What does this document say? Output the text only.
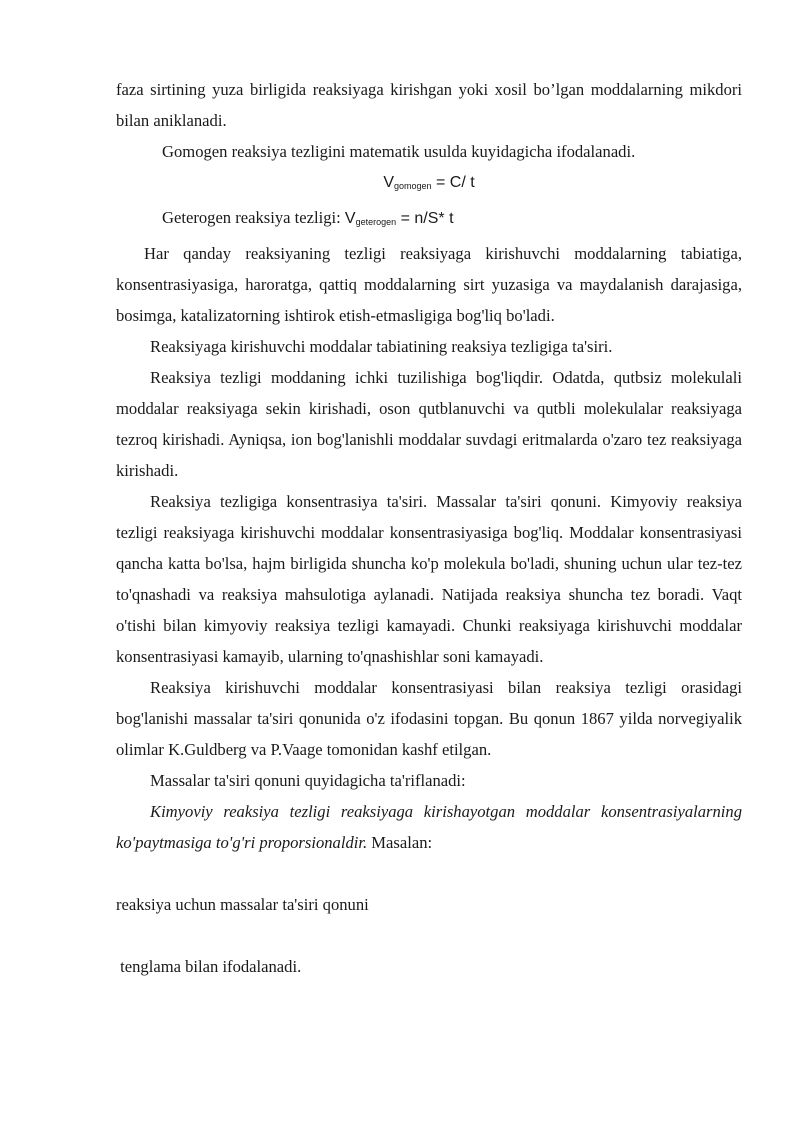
faza sirtining yuza birligida reaksiyaga kirishgan yoki xosil bo’lgan moddalarning mikdori bilan aniklanadi.

Gomogen reaksiya tezligini matematik usulda kuyidagicha ifodalanadi.

$V_{gomogen} = C/$ t

Geterogen reaksiya tezligi: $V_{geterogen} = n/S*$ t

Har qanday reaksiyaning tezligi reaksiyaga kirishuvchi moddalarning tabiatiga, konsentrasiyasiga, haroratga, qattiq moddalarning sirt yuzasiga va maydalanish darajasiga, bosimga, katalizatorning ishtirok etish-etmasligiga bog'liq bo'ladi.

Reaksiyaga kirishuvchi moddalar tabiatining reaksiya tezligiga ta'siri.

Reaksiya tezligi moddaning ichki tuzilishiga bog'liqdir. Odatda, qutbsiz molekulali moddalar reaksiyaga sekin kirishadi, oson qutblanuvchi va qutbli molekulalar reaksiyaga tezroq kirishadi. Ayniqsa, ion bog'lanishli moddalar suvdagi eritmalarda o'zaro tez reaksiyaga kirishadi.

Reaksiya tezligiga konsentrasiya ta'siri. Massalar ta'siri qonuni. Kimyoviy reaksiya tezligi reaksiyaga kirishuvchi moddalar konsentrasiyasiga bog'liq. Moddalar konsentrasiyasi qancha katta bo'lsa, hajm birligida shuncha ko'p molekula bo'ladi, shuning uchun ular tez-tez to'qnashadi va reaksiya mahsulotiga aylanadi. Natijada reaksiya shuncha tez boradi. Vaqt o'tishi bilan kimyoviy reaksiya tezligi kamayadi. Chunki reaksiyaga kirishuvchi moddalar konsentrasiyasi kamayib, ularning to'qnashishlar soni kamayadi.

Reaksiya kirishuvchi moddalar konsentrasiyasi bilan reaksiya tezligi orasidagi bog'lanishi massalar ta'siri qonunida o'z ifodasini topgan. Bu qonun 1867 yilda norvegiyalik olimlar K.Guldberg va P.Vaage tomonidan kashf etilgan.

Massalar ta'siri qonuni quyidagicha ta'riflanadi:

Kimyoviy reaksiya tezligi reaksiyaga kirishayotgan moddalar konsentrasiyalarning ko'paytmasiga to'g'ri proporsionaldir. Masalan:

reaksiya uchun massalar ta'siri qonuni

tenglama bilan ifodalanadi.
